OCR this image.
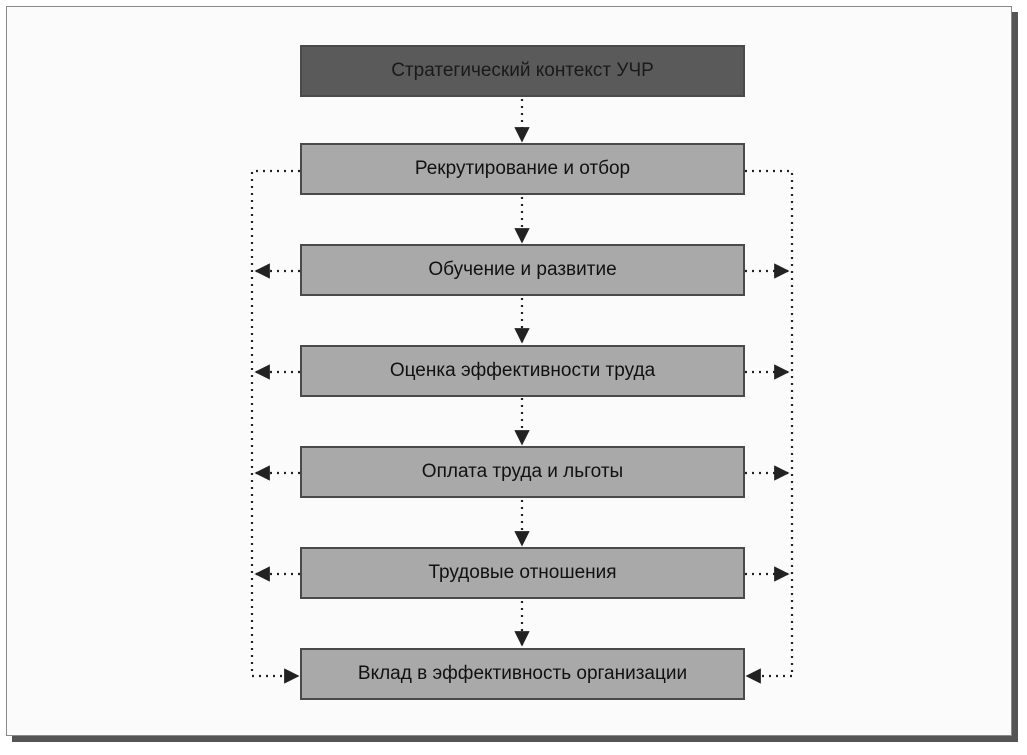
Стратегический контекст УЧР
Рекрутирование и отбор
Обучение и развитие
Оценка эффективности труда
Оплата труда и льготы
Трудовые отношения
Вклад в эффективность организации
